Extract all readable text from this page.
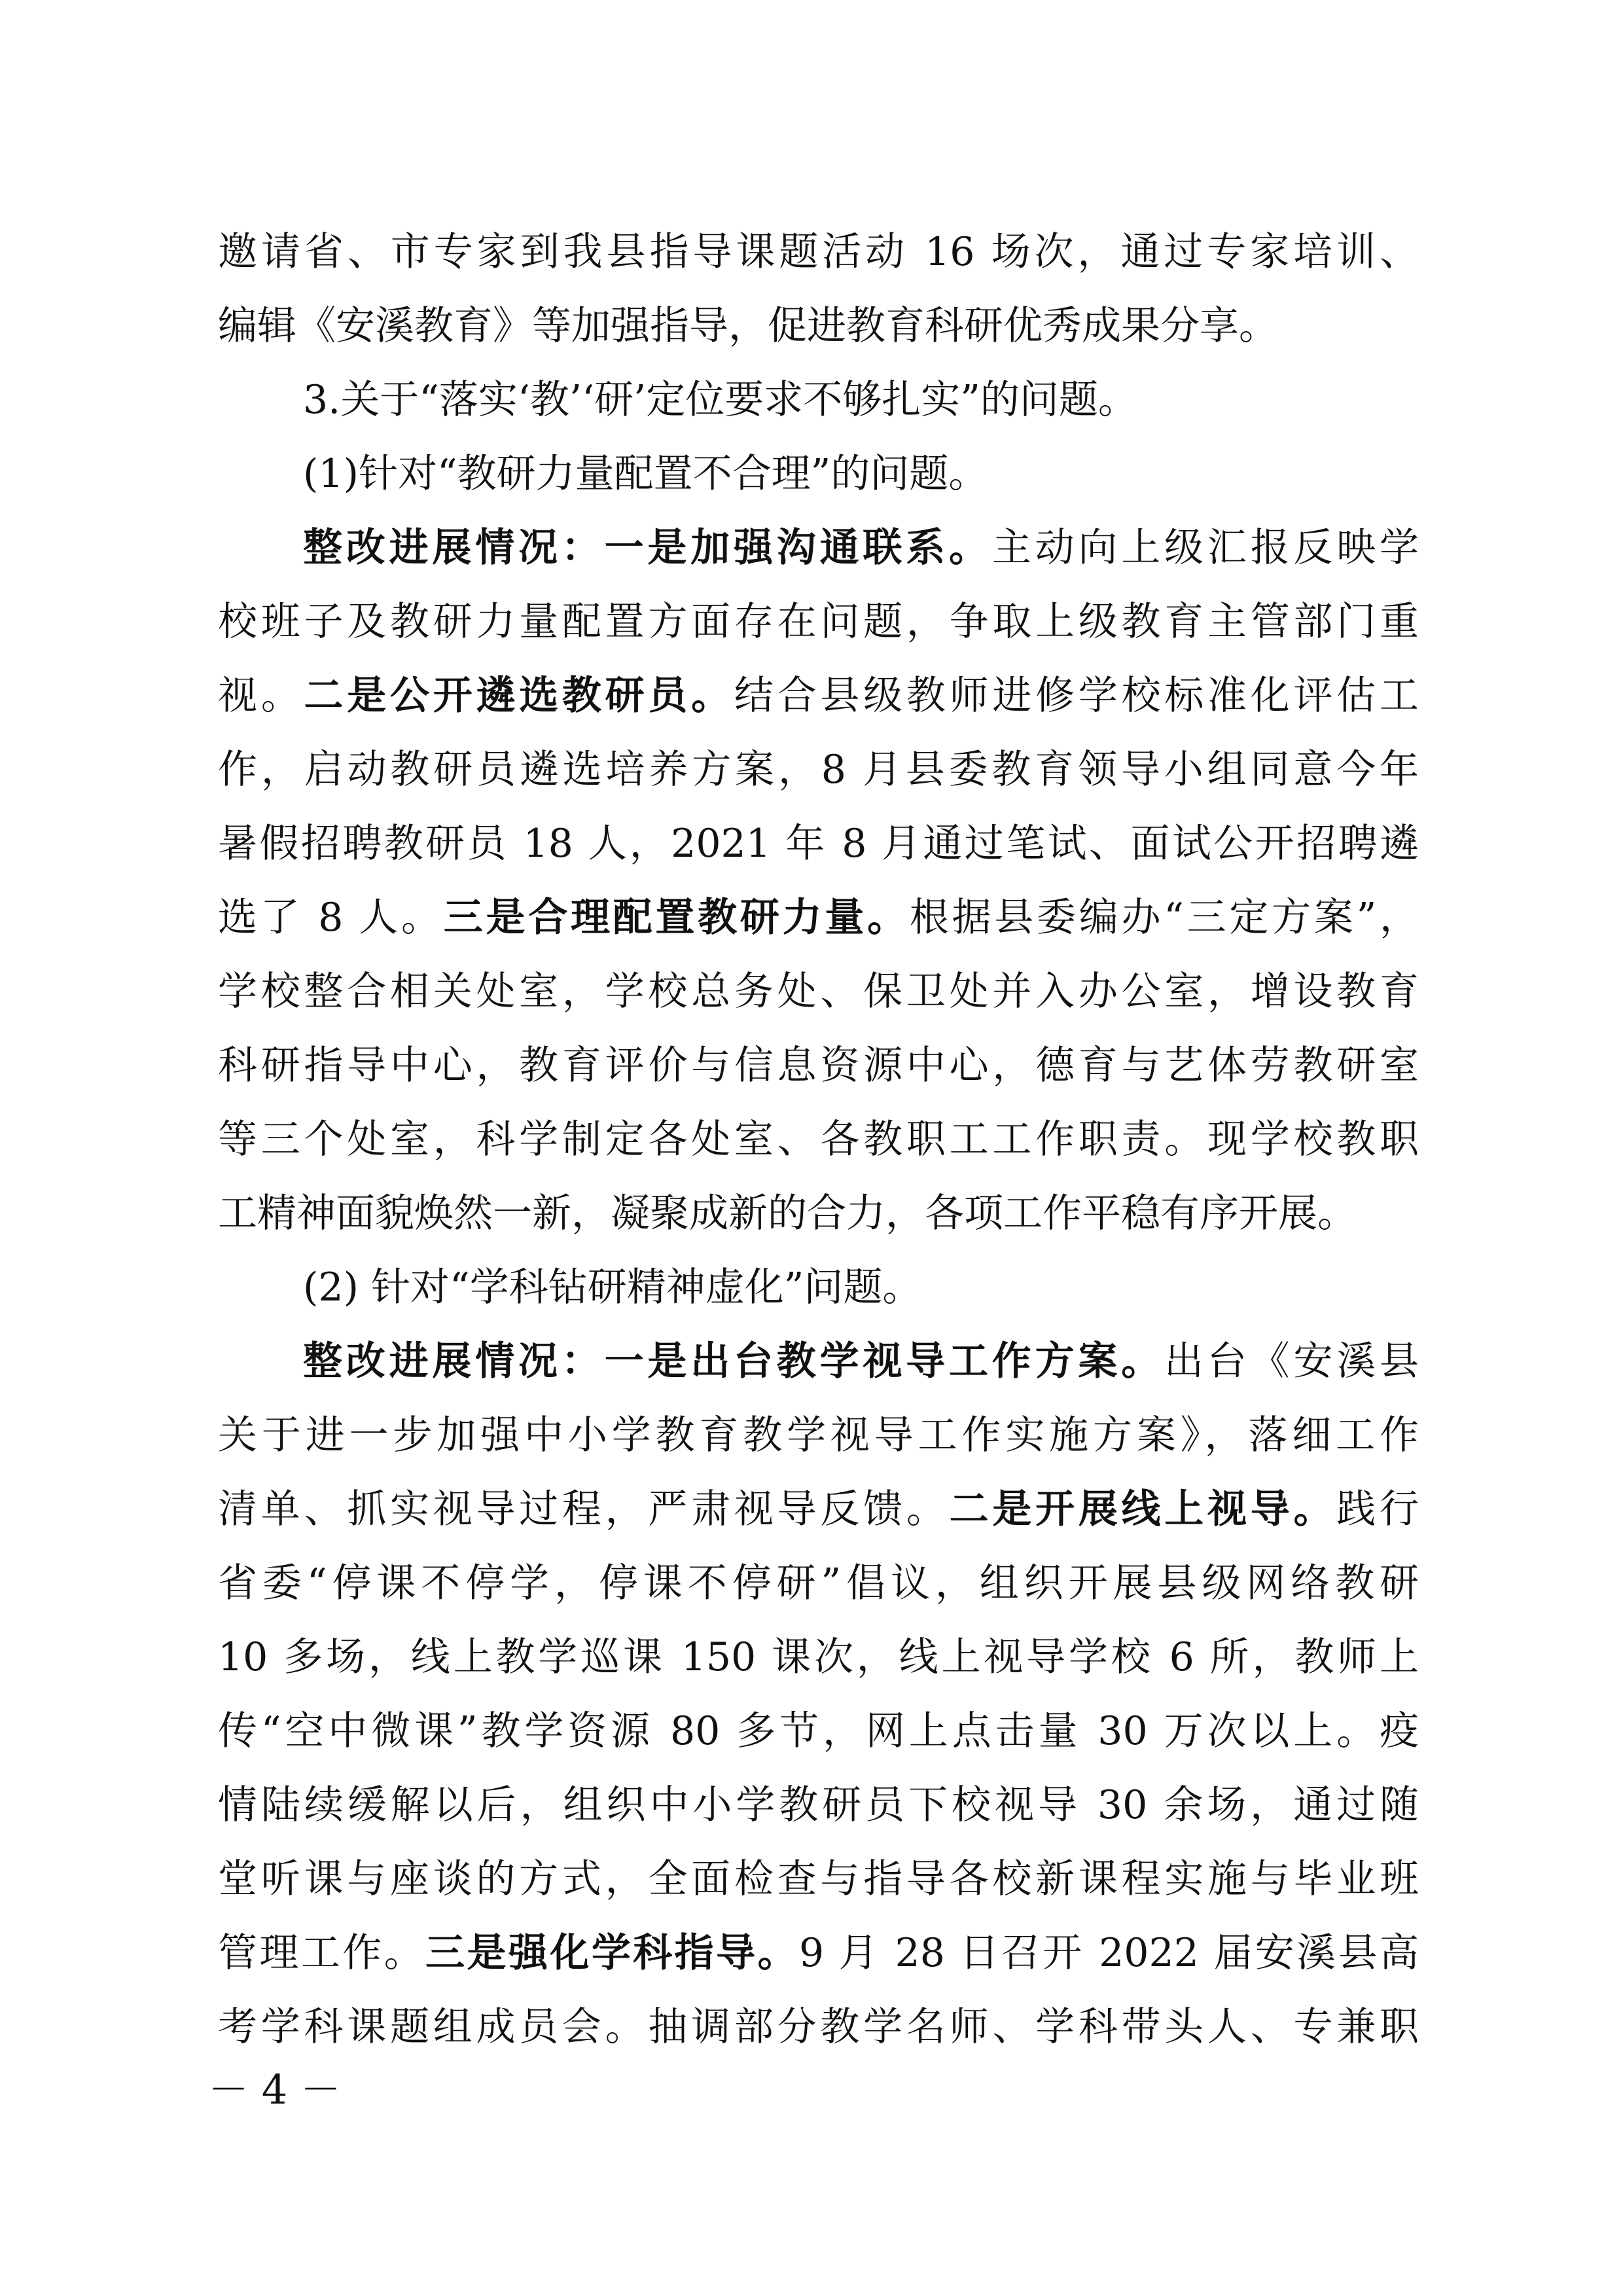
邀请省、市专家到我县指导课题活动 16 场次，通过专家培训、
编辑《安溪教育》等加强指导，促进教育科研优秀成果分享。
3.关于“落实‘教’‘研’定位要求不够扎实”的问题。
(1)针对“教研力量配置不合理”的问题。
整改进展情况：一是加强沟通联系。主动向上级汇报反映学
校班子及教研力量配置方面存在问题，争取上级教育主管部门重
视。二是公开遴选教研员。结合县级教师进修学校标准化评估工
作，启动教研员遴选培养方案，8 月县委教育领导小组同意今年
暑假招聘教研员 18 人，2021 年 8 月通过笔试、面试公开招聘遴
选了 8 人。三是合理配置教研力量。根据县委编办“三定方案”，
学校整合相关处室，学校总务处、保卫处并入办公室，增设教育
科研指导中心，教育评价与信息资源中心，德育与艺体劳教研室
等三个处室，科学制定各处室、各教职工工作职责。现学校教职
工精神面貌焕然一新，凝聚成新的合力，各项工作平稳有序开展。
(2) 针对“学科钻研精神虚化”问题。
整改进展情况：一是出台教学视导工作方案。出台《安溪县
关于进一步加强中小学教育教学视导工作实施方案》，落细工作
清单、抓实视导过程，严肃视导反馈。二是开展线上视导。践行
省委“停课不停学，停课不停研”倡议，组织开展县级网络教研
10 多场，线上教学巡课 150 课次，线上视导学校 6 所，教师上
传“空中微课”教学资源 80 多节，网上点击量 30 万次以上。疫
情陆续缓解以后，组织中小学教研员下校视导 30 余场，通过随
堂听课与座谈的方式，全面检查与指导各校新课程实施与毕业班
管理工作。三是强化学科指导。9 月 28 日召开 2022 届安溪县高
考学科课题组成员会。抽调部分教学名师、学科带头人、专兼职
－ 4 －
